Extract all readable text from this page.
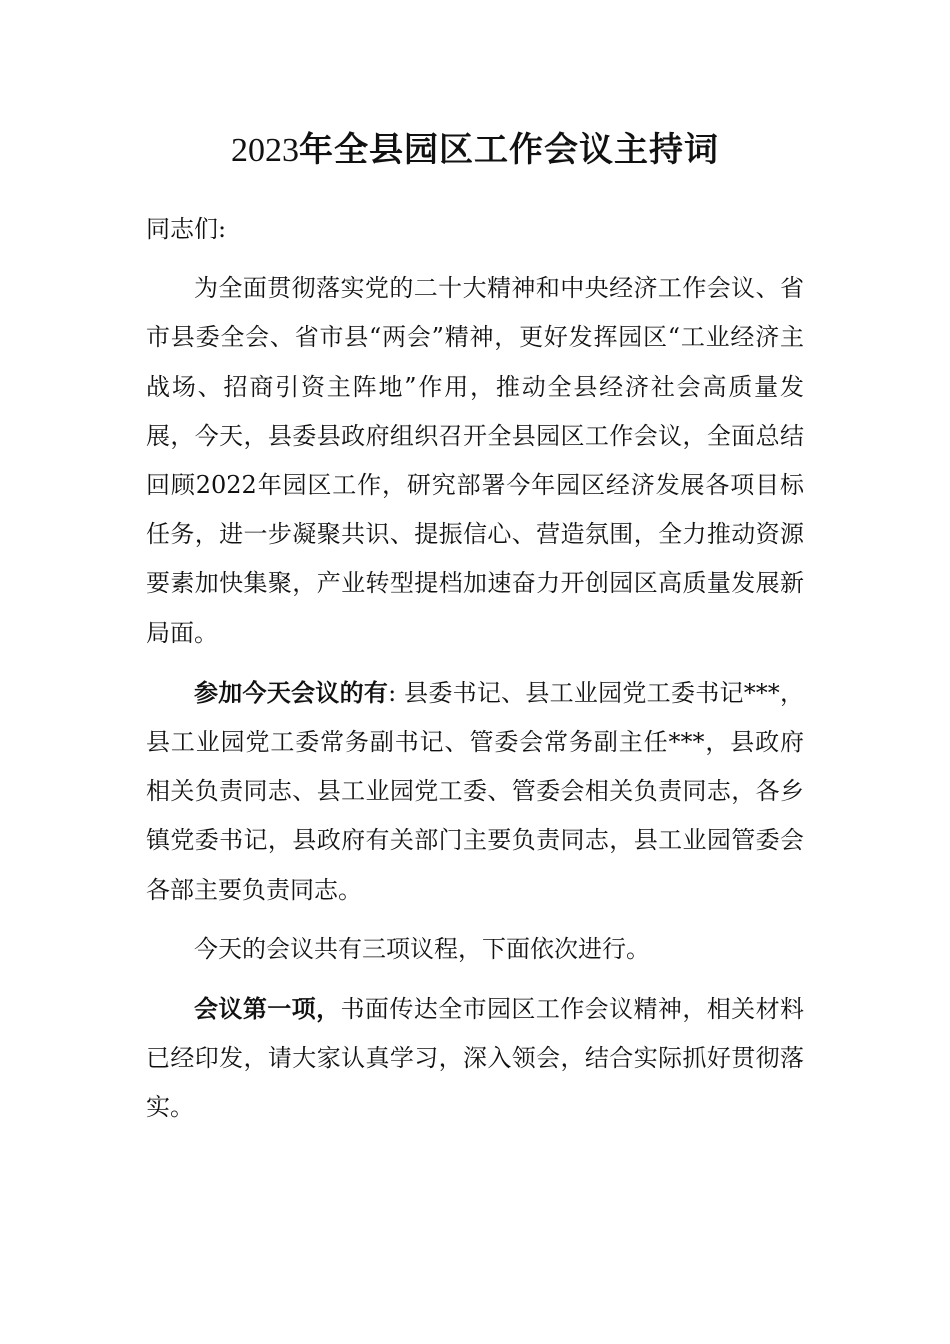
2023年全县园区工作会议主持词

同志们:

为全面贯彻落实党的二十大精神和中央经济工作会议、省市县委全会、省市县“两会”精神，更好发挥园区“工业经济主战场、招商引资主阵地”作用，推动全县经济社会高质量发展，今天，县委县政府组织召开全县园区工作会议，全面总结回顾2022年园区工作，研究部署今年园区经济发展各项目标任务，进一步凝聚共识、提振信心、营造氛围，全力推动资源要素加快集聚，产业转型提档加速奋力开创园区高质量发展新局面。

参加今天会议的有: 县委书记、县工业园党工委书记***，县工业园党工委常务副书记、管委会常务副主任***，县政府相关负责同志、县工业园党工委、管委会相关负责同志，各乡镇党委书记，县政府有关部门主要负责同志，县工业园管委会各部主要负责同志。

今天的会议共有三项议程，下面依次进行。

会议第一项，书面传达全市园区工作会议精神，相关材料已经印发，请大家认真学习，深入领会，结合实际抓好贯彻落实。
